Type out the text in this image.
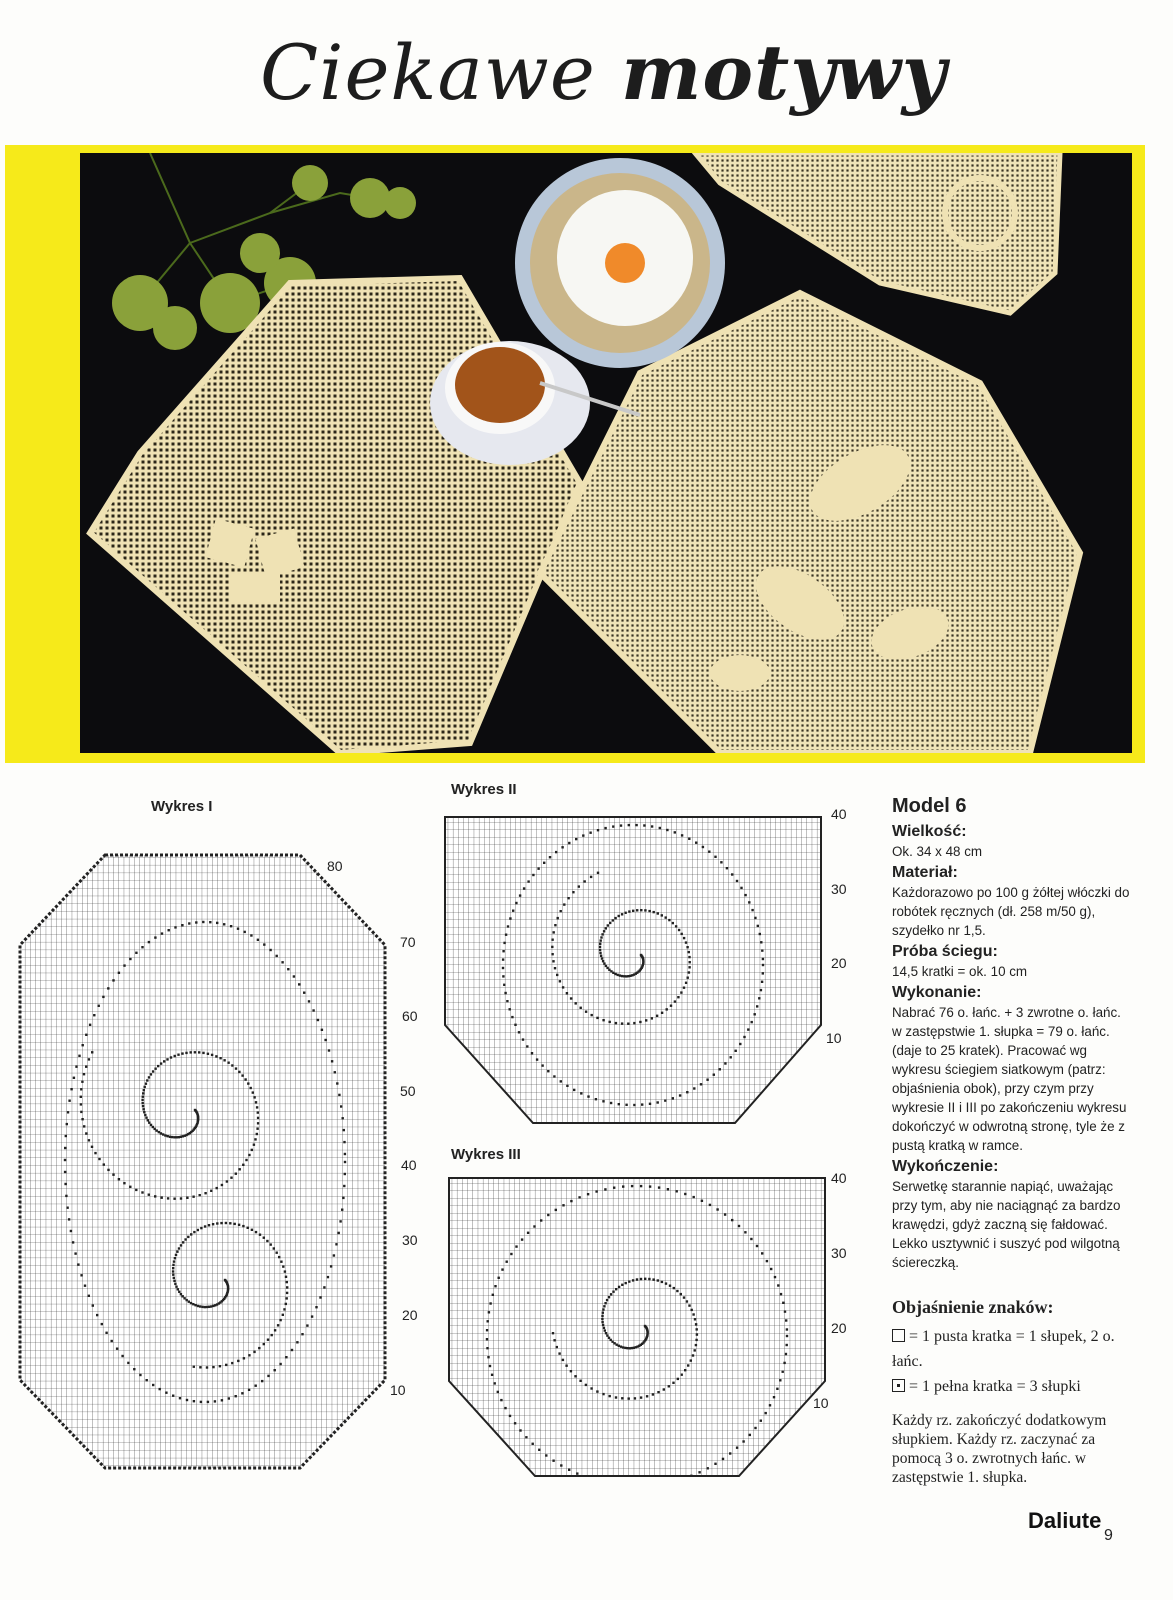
Ciekawe motywy
Wykres I
Wykres II
Wykres III
80
70
60
50
40
30
20
10
40
30
20
10
40
30
20
10
Model 6
Wielkość:
Ok. 34 x 48 cm
Materiał:
Każdorazowo po 100 g żółtej włóczki do robótek ręcznych (dł. 258 m/50 g), szydełko nr 1,5.
Próba ściegu:
14,5 kratki = ok. 10 cm
Wykonanie:
Nabrać 76 o. łańc. + 3 zwrotne o. łańc. w zastępstwie 1. słupka = 79 o. łańc. (daje to 25 kratek). Pracować wg wykresu ściegiem siatkowym (patrz: objaśnienia obok), przy czym przy wykresie II i III po zakończeniu wykresu dokończyć w odwrotną stronę, tyle że z pustą kratką w ramce.
Wykończenie:
Serwetkę starannie napiąć, uważając przy tym, aby nie naciągnąć za bardzo krawędzi, gdyż zaczną się fałdować. Lekko usztywnić i suszyć pod wilgotną ściereczką.
Objaśnienie znaków:
= 1 pusta kratka = 1 słupek, 2 o. łańc.
= 1 pełna kratka = 3 słupki
Każdy rz. zakończyć dodatkowym słupkiem. Każdy rz. zaczynać za pomocą 3 o. zwrotnych łańc. w zastępstwie 1. słupka.
Daliute
9
